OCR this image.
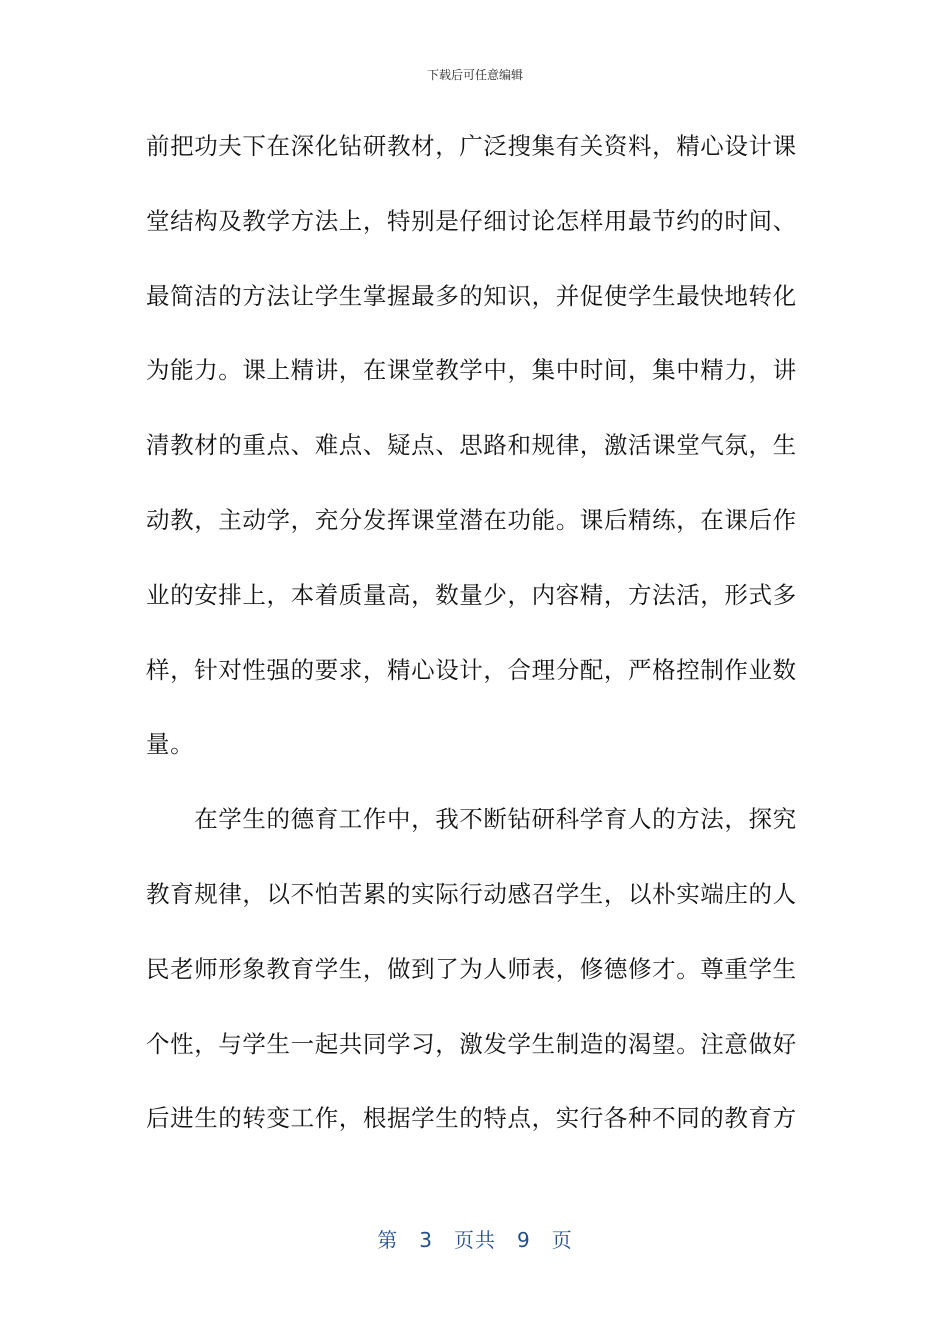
下载后可任意编辑
前把功夫下在深化钻研教材，广泛搜集有关资料，精心设计课
堂结构及教学方法上，特别是仔细讨论怎样用最节约的时间、
最简洁的方法让学生掌握最多的知识，并促使学生最快地转化
为能力。课上精讲，在课堂教学中，集中时间，集中精力，讲
清教材的重点、难点、疑点、思路和规律，激活课堂气氛，生
动教，主动学，充分发挥课堂潜在功能。课后精练，在课后作
业的安排上，本着质量高，数量少，内容精，方法活，形式多
样，针对性强的要求，精心设计，合理分配，严格控制作业数
量。
　　在学生的德育工作中，我不断钻研科学育人的方法，探究
教育规律，以不怕苦累的实际行动感召学生，以朴实端庄的人
民老师形象教育学生，做到了为人师表，修德修才。尊重学生
个性，与学生一起共同学习，激发学生制造的渴望。注意做好
后进生的转变工作，根据学生的特点，实行各种不同的教育方
第　3　页共　9　页
